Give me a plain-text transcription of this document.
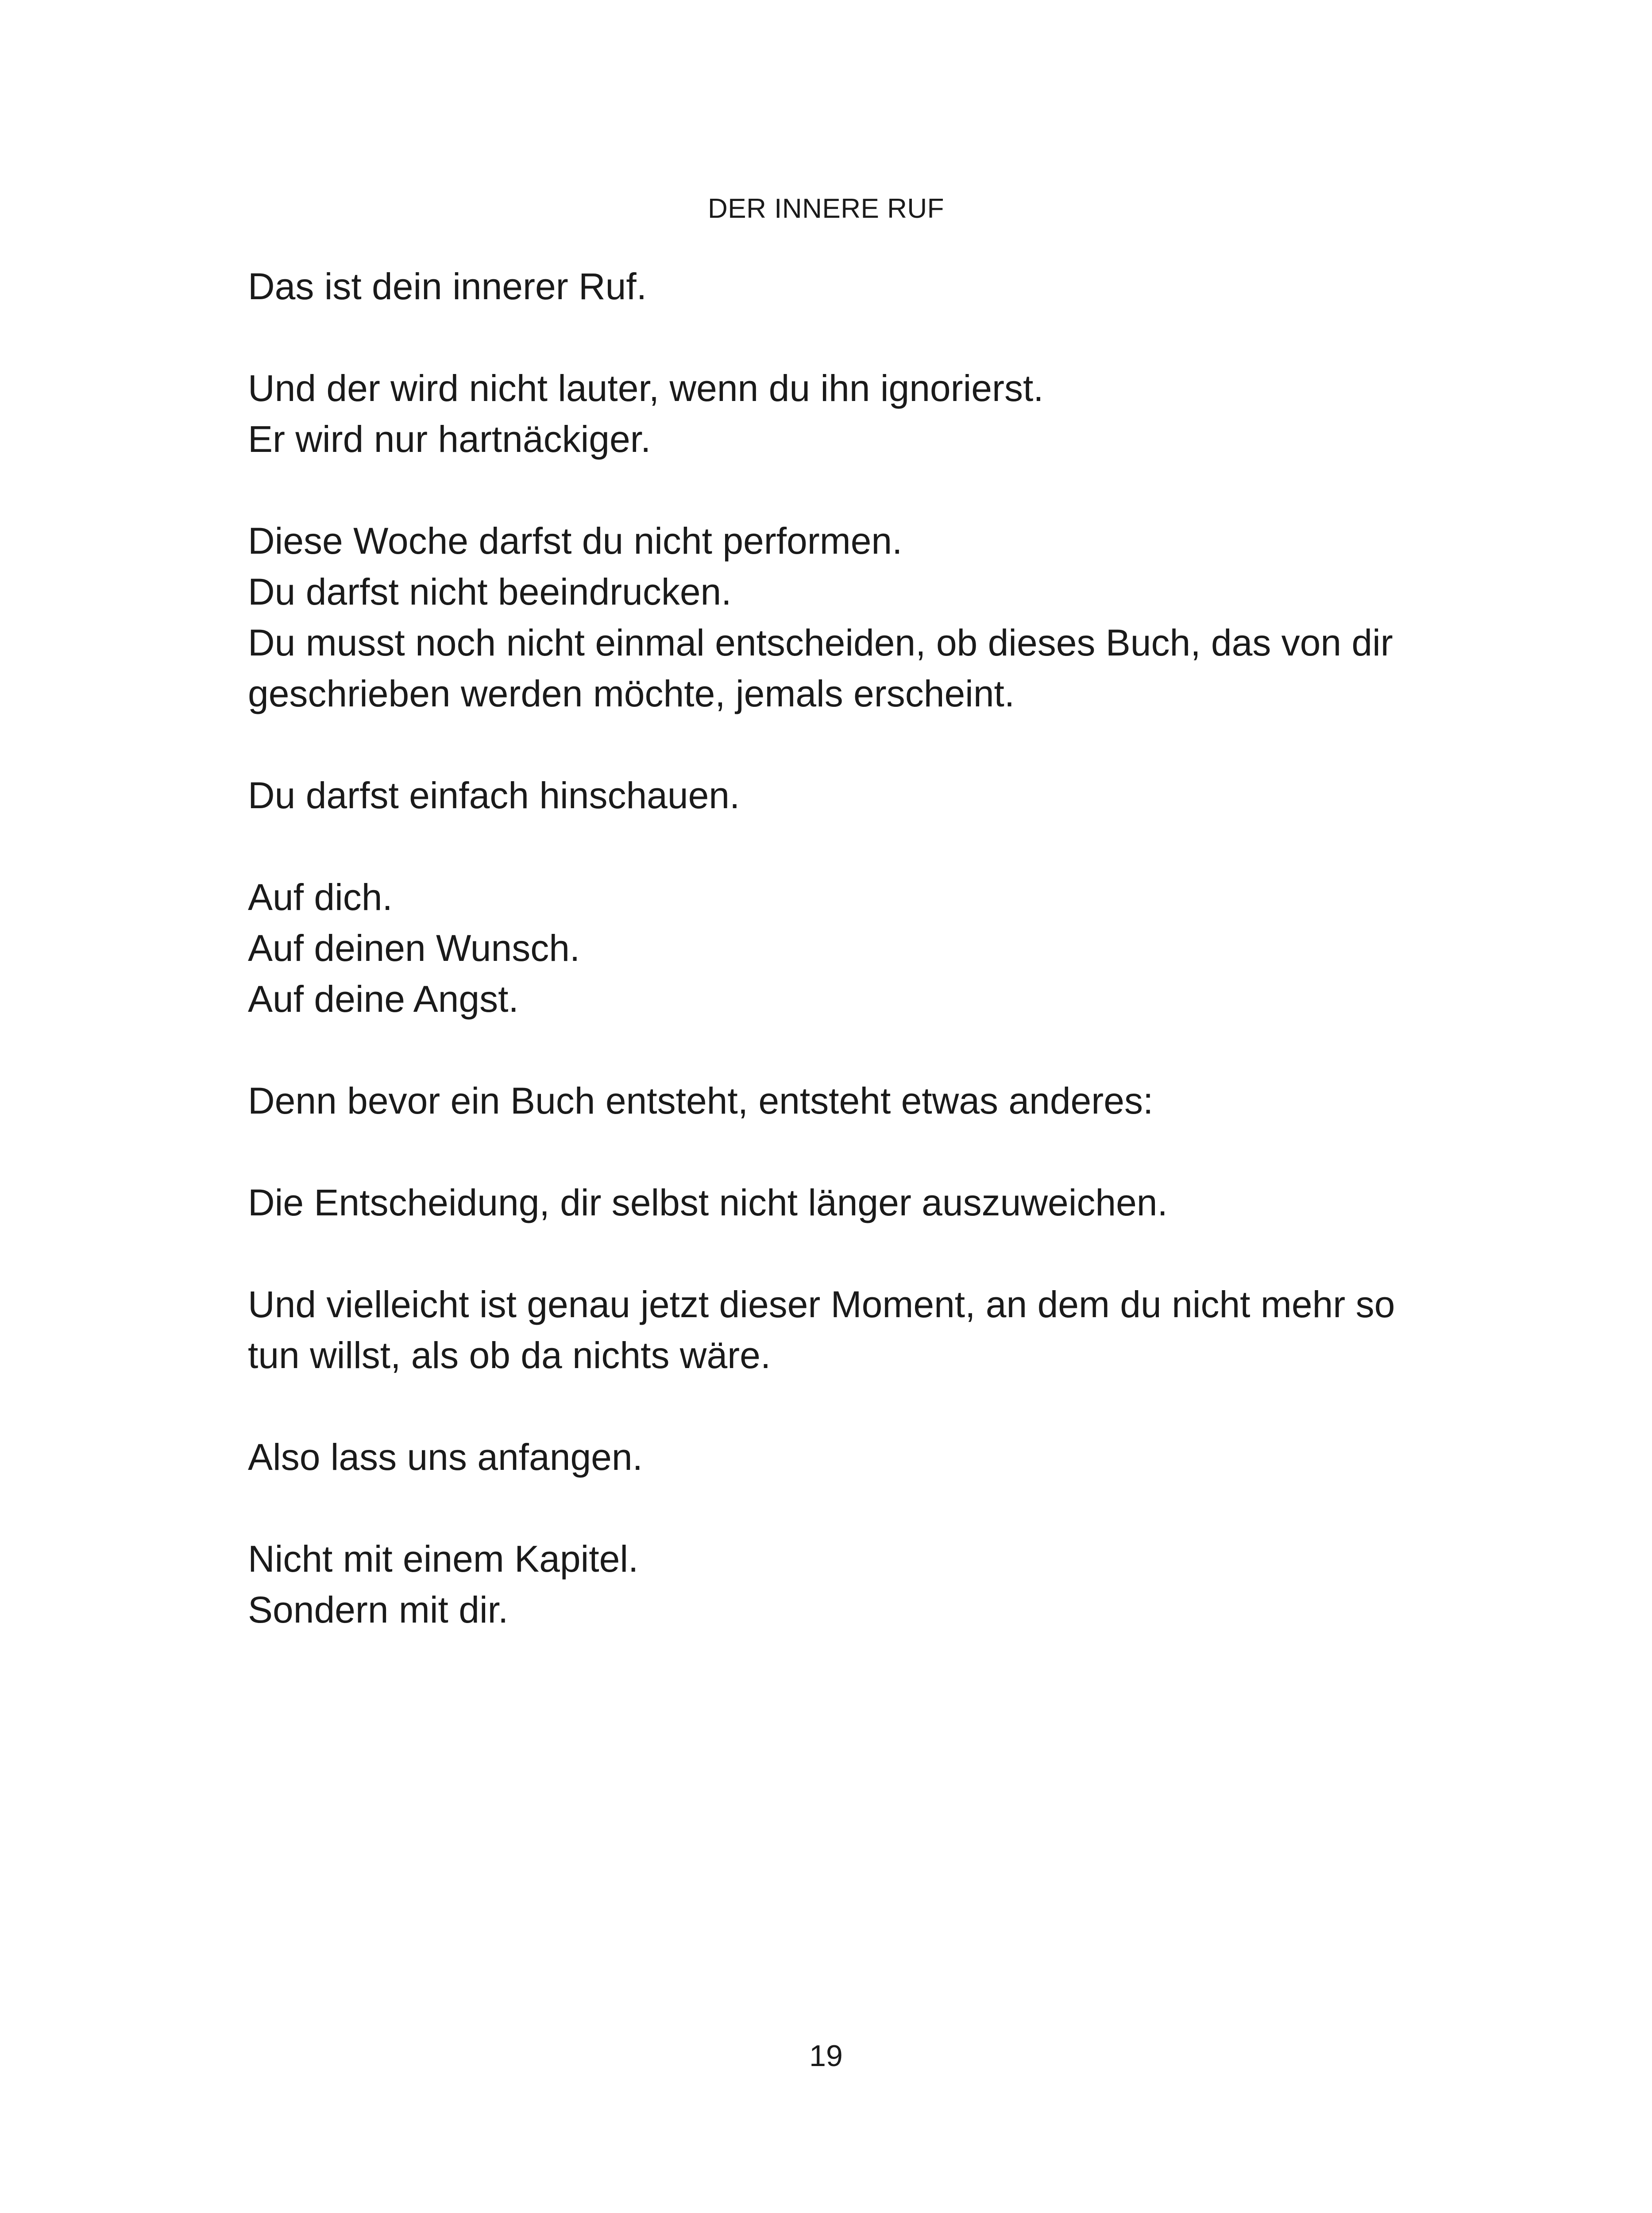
DER INNERE RUF

Das ist dein innerer Ruf.

Und der wird nicht lauter, wenn du ihn ignorierst.
Er wird nur hartnäckiger.

Diese Woche darfst du nicht performen.
Du darfst nicht beeindrucken.
Du musst noch nicht einmal entscheiden, ob dieses Buch, das von dir
geschrieben werden möchte, jemals erscheint.

Du darfst einfach hinschauen.

Auf dich.
Auf deinen Wunsch.
Auf deine Angst.

Denn bevor ein Buch entsteht, entsteht etwas anderes:

Die Entscheidung, dir selbst nicht länger auszuweichen.

Und vielleicht ist genau jetzt dieser Moment, an dem du nicht mehr so
tun willst, als ob da nichts wäre.

Also lass uns anfangen.

Nicht mit einem Kapitel.
Sondern mit dir.

19
